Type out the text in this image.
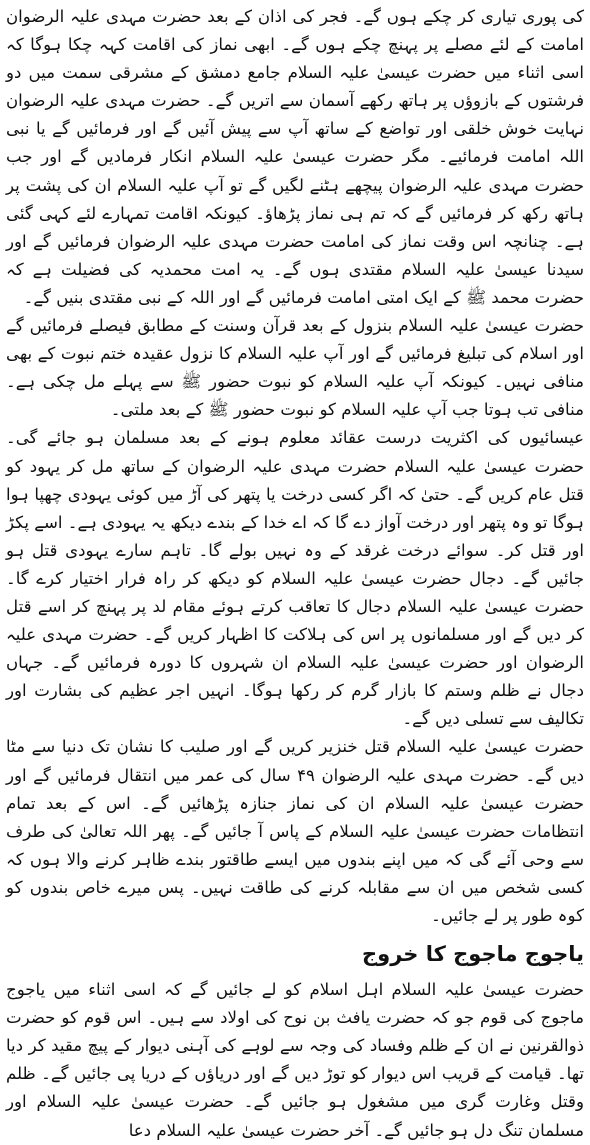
کی پوری تیاری کر چکے ہوں گے۔ فجر کی اذان کے بعد حضرت مہدی علیہ الرضوان امامت کے لئے مصلے پر پہنچ چکے ہوں گے۔ ابھی نماز کی اقامت کہہ چکا ہوگا کہ اسی اثناء میں حضرت عیسیٰ علیہ السلام جامع دمشق کے مشرقی سمت میں دو فرشتوں کے بازوؤں پر ہاتھ رکھے آسمان سے اتریں گے۔ حضرت مہدی علیہ الرضوان نہایت خوش خلقی اور تواضع کے ساتھ آپ سے پیش آئیں گے اور فرمائیں گے یا نبی اللہ امامت فرمائیے۔ مگر حضرت عیسیٰ علیہ السلام انکار فرمادیں گے اور جب حضرت مہدی علیہ الرضوان پیچھے ہٹنے لگیں گے تو آپ علیہ السلام ان کی پشت پر ہاتھ رکھ کر فرمائیں گے کہ تم ہی نماز پڑھاؤ۔ کیونکہ اقامت تمہارے لئے کہی گئی ہے۔ چنانچہ اس وقت نماز کی امامت حضرت مہدی علیہ الرضوان فرمائیں گے اور سیدنا عیسیٰ علیہ السلام مقتدی ہوں گے۔ یہ امت محمدیہ کی فضیلت ہے کہ حضرت محمد ﷺ کے ایک امتی امامت فرمائیں گے اور اللہ کے نبی مقتدی بنیں گے۔

حضرت عیسیٰ علیہ السلام بنزول کے بعد قرآن وسنت کے مطابق فیصلے فرمائیں گے اور اسلام کی تبلیغ فرمائیں گے اور آپ علیہ السلام کا نزول عقیدہ ختم نبوت کے بھی منافی نہیں۔ کیونکہ آپ علیہ السلام کو نبوت حضور ﷺ سے پہلے مل چکی ہے۔ منافی تب ہوتا جب آپ علیہ السلام کو نبوت حضور ﷺ کے بعد ملتی۔

عیسائیوں کی اکثریت درست عقائد معلوم ہونے کے بعد مسلمان ہو جائے گی۔ حضرت عیسیٰ علیہ السلام حضرت مہدی علیہ الرضوان کے ساتھ مل کر یہود کو قتل عام کریں گے۔ حتیٰ کہ اگر کسی درخت یا پتھر کی آڑ میں کوئی یہودی چھپا ہوا ہوگا تو وہ پتھر اور درخت آواز دے گا کہ اے خدا کے بندے دیکھ یہ یہودی ہے۔ اسے پکڑ اور قتل کر۔ سوائے درخت غرقد کے وہ نہیں بولے گا۔ تاہم سارے یہودی قتل ہو جائیں گے۔ دجال حضرت عیسیٰ علیہ السلام کو دیکھ کر راہ فرار اختیار کرے گا۔ حضرت عیسیٰ علیہ السلام دجال کا تعاقب کرتے ہوئے مقام لد پر پہنچ کر اسے قتل کر دیں گے اور مسلمانوں پر اس کی ہلاکت کا اظہار کریں گے۔ حضرت مہدی علیہ الرضوان اور حضرت عیسیٰ علیہ السلام ان شہروں کا دورہ فرمائیں گے۔ جہاں دجال نے ظلم وستم کا بازار گرم کر رکھا ہوگا۔ انہیں اجر عظیم کی بشارت اور تکالیف سے تسلی دیں گے۔

حضرت عیسیٰ علیہ السلام قتل خنزیر کریں گے اور صلیب کا نشان تک دنیا سے مٹا دیں گے۔ حضرت مہدی علیہ الرضوان ۴۹ سال کی عمر میں انتقال فرمائیں گے اور حضرت عیسیٰ علیہ السلام ان کی نماز جنازہ پڑھائیں گے۔ اس کے بعد تمام انتظامات حضرت عیسیٰ علیہ السلام کے پاس آ جائیں گے۔ پھر اللہ تعالیٰ کی طرف سے وحی آئے گی کہ میں اپنے بندوں میں ایسے طاقتور بندے ظاہر کرنے والا ہوں کہ کسی شخص میں ان سے مقابلہ کرنے کی طاقت نہیں۔ پس میرے خاص بندوں کو کوہ طور پر لے جائیں۔

یاجوج ماجوج کا خروج

حضرت عیسیٰ علیہ السلام اہل اسلام کو لے جائیں گے کہ اسی اثناء میں یاجوج ماجوج کی قوم جو کہ حضرت یافث بن نوح کی اولاد سے ہیں۔ اس قوم کو حضرت ذوالقرنین نے ان کے ظلم وفساد کی وجہ سے لوہے کی آہنی دیوار کے پیچ مقید کر دیا تھا۔ قیامت کے قریب اس دیوار کو توڑ دیں گے اور دریاؤں کے دریا پی جائیں گے۔ ظلم وقتل وغارت گری میں مشغول ہو جائیں گے۔ حضرت عیسیٰ علیہ السلام اور مسلمان تنگ دل ہو جائیں گے۔ آخر حضرت عیسیٰ علیہ السلام دعا
